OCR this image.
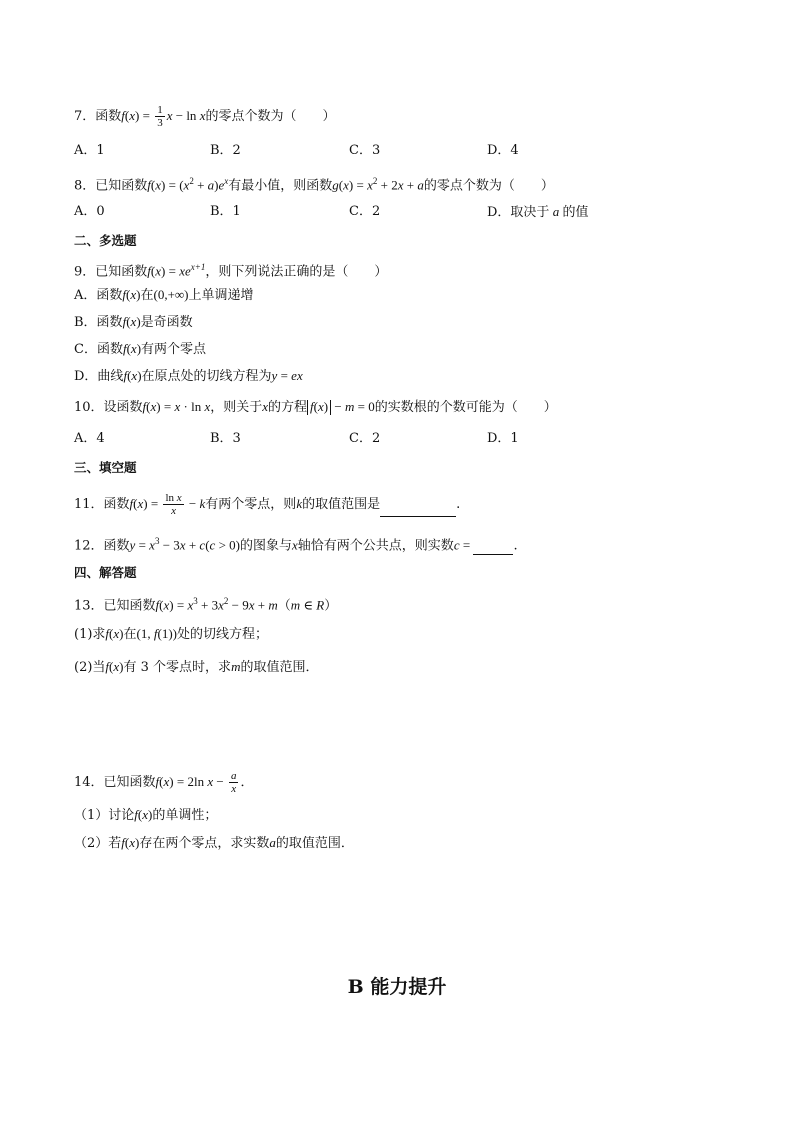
7．函数$f(x) = \frac{1}{3}$ x − ln x的零点个数为（　　）
A．1	B．2	C．3	D．4
8．已知函数$f(x) = (x^2 + a)e^x$有最小值，则函数$g(x) = x^2 + 2x + a$的零点个数为（　　）
A．0	B．1	C．2	D．取决于 a 的值
二、多选题
9．已知函数$f(x) = xe^{x+1}$，则下列说法正确的是（　　）
A．函数f(x)在(0,+∞)上单调递增
B．函数f(x)是奇函数
C．函数f(x)有两个零点
D．曲线f(x)在原点处的切线方程为y = ex
10．设函数f(x) = x · ln x，则关于x的方程 f(x) − m = 0的实数根的个数可能为（　　）
A．4	B．3	C．2	D．1
三、填空题
11．函数$f(x) = \frac{\text{ln x}}{x} - k$有两个零点，则k的取值范围是	.
12．函数$y = x^3 - 3x + c(c > 0)$的图象与x轴恰有两个公共点，则实数c =	.
四、解答题
13．已知函数$f(x) = x^3 + 3x^2 - 9x + m(m$ ∈ R）
(1)求f(x)在(1, f(1))处的切线方程；
(2)当f(x)有 3 个零点时，求m的取值范围．
14．已知函数f(x) = 2ln $x - \frac{a}{x}$ ．
（1）讨论f(x)的单调性；
（2）若f(x)存在两个零点，求实数a的取值范围．
B 能力提升
